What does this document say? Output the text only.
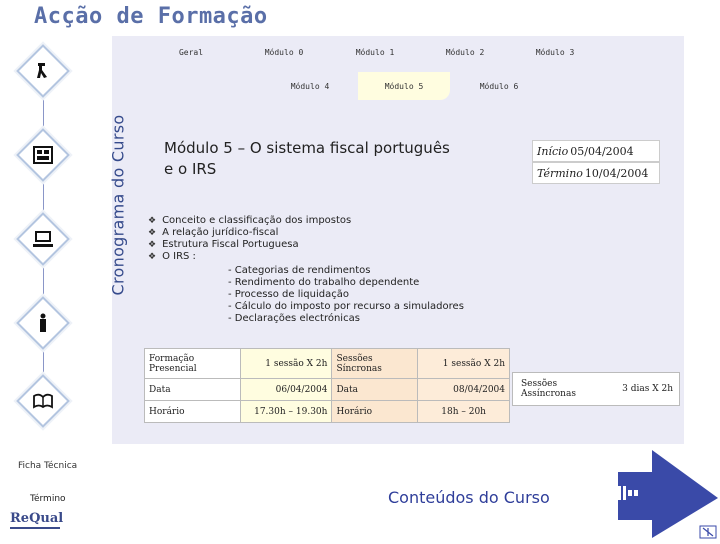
Acção de Formação
Geral	Módulo 0	Módulo 1	Módulo 2	Módulo 3
Módulo 4	Módulo 5	Módulo 6
Cronograma do Curso Módulo 5 – O sistema fiscal português
e o IRS
Início 05/04/2004
Término 10/04/2004
❖ Conceito e classificação dos impostos
❖ A relação jurídico-fiscal
❖ Estrutura Fiscal Portuguesa
❖ O IRS :
- Categorias de rendimentos
- Rendimento do trabalho dependente
- Processo de liquidação
- Cálculo do imposto por recurso a simuladores
- Declarações electrónicas
Formação Presencial	1 sessão X 2h	Sessões Síncronas	1 sessão X 2h
Data	06/04/2004	Data	08/04/2004
Horário	17.30h – 19.30h	Horário	18h – 20h
Sessões Assíncronas	3 dias X 2h
Ficha Técnica
Término	Conteúdos do Curso
ReQual
